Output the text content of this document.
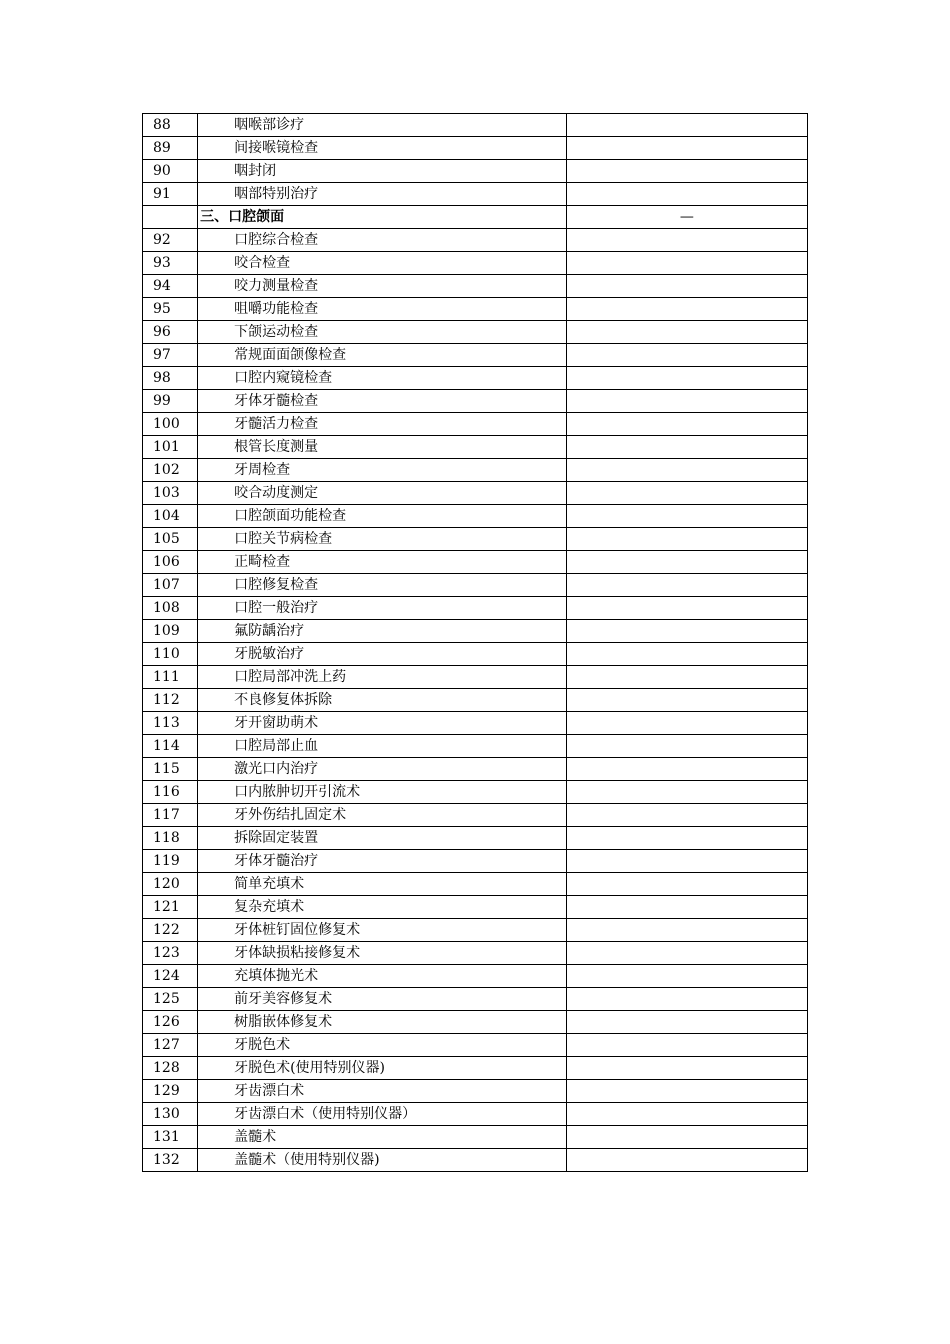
88	咽喉部诊疗	
89	间接喉镜检查	
90	咽封闭	
91	咽部特别治疗	
	三、口腔颌面	—
92	口腔综合检查	
93	咬合检查	
94	咬力测量检查	
95	咀嚼功能检查	
96	下颌运动检查	
97	常规面面颌像检查	
98	口腔内窥镜检查	
99	牙体牙髓检查	
100	牙髓活力检查	
101	根管长度测量	
102	牙周检查	
103	咬合动度测定	
104	口腔颌面功能检查	
105	口腔关节病检查	
106	正畸检查	
107	口腔修复检查	
108	口腔一般治疗	
109	氟防龋治疗	
110	牙脱敏治疗	
111	口腔局部冲洗上药	
112	不良修复体拆除	
113	牙开窗助萌术	
114	口腔局部止血	
115	激光口内治疗	
116	口内脓肿切开引流术	
117	牙外伤结扎固定术	
118	拆除固定装置	
119	牙体牙髓治疗	
120	简单充填术	
121	复杂充填术	
122	牙体桩钉固位修复术	
123	牙体缺损粘接修复术	
124	充填体抛光术	
125	前牙美容修复术	
126	树脂嵌体修复术	
127	牙脱色术	
128	牙脱色术(使用特别仪器)	
129	牙齿漂白术	
130	牙齿漂白术（使用特别仪器）	
131	盖髓术	
132	盖髓术（使用特别仪器)	
